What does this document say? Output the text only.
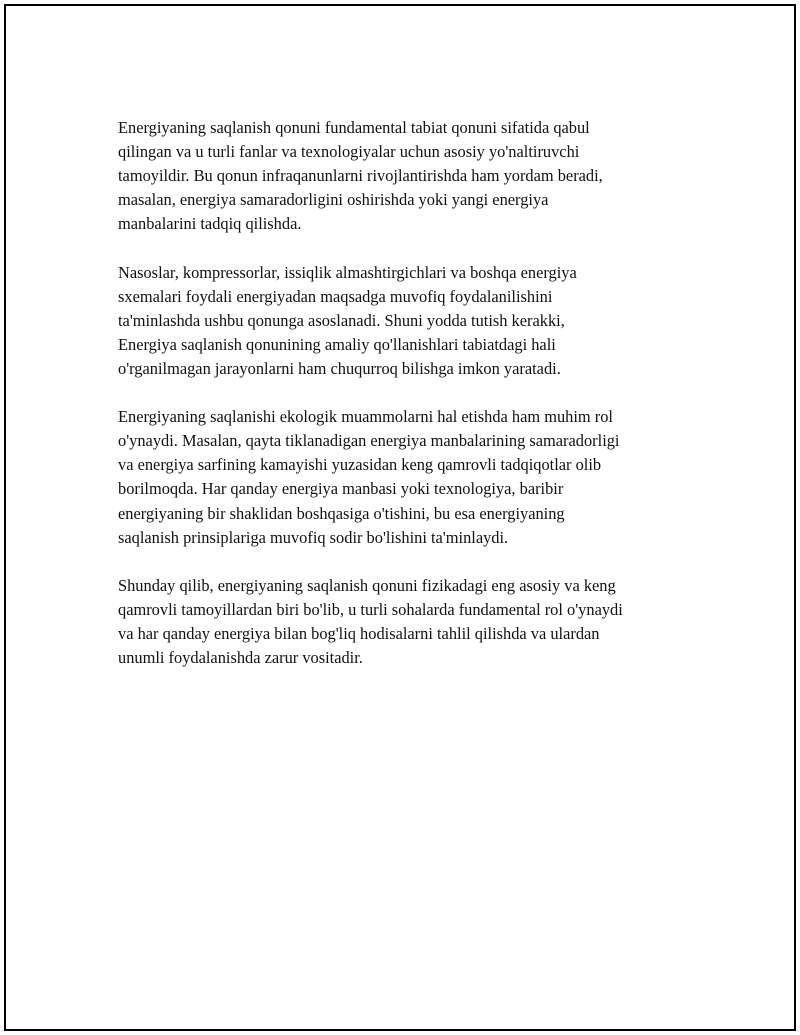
Energiyaning saqlanish qonuni fundamental tabiat qonuni sifatida qabul
qilingan va u turli fanlar va texnologiyalar uchun asosiy yo'naltiruvchi
tamoyildir. Bu qonun infraqanunlarni rivojlantirishda ham yordam beradi,
masalan, energiya samaradorligini oshirishda yoki yangi energiya
manbalarini tadqiq qilishda.

Nasoslar, kompressorlar, issiqlik almashtirgichlari va boshqa energiya
sxemalari foydali energiyadan maqsadga muvofiq foydalanilishini
ta'minlashda ushbu qonunga asoslanadi. Shuni yodda tutish kerakki,
Energiya saqlanish qonunining amaliy qo'llanishlari tabiatdagi hali
o'rganilmagan jarayonlarni ham chuqurroq bilishga imkon yaratadi.

Energiyaning saqlanishi ekologik muammolarni hal etishda ham muhim rol
o'ynaydi. Masalan, qayta tiklanadigan energiya manbalarining samaradorligi
va energiya sarfining kamayishi yuzasidan keng qamrovli tadqiqotlar olib
borilmoqda. Har qanday energiya manbasi yoki texnologiya, baribir
energiyaning bir shaklidan boshqasiga o'tishini, bu esa energiyaning
saqlanish prinsiplariga muvofiq sodir bo'lishini ta'minlaydi.

Shunday qilib, energiyaning saqlanish qonuni fizikadagi eng asosiy va keng
qamrovli tamoyillardan biri bo'lib, u turli sohalarda fundamental rol o'ynaydi
va har qanday energiya bilan bog'liq hodisalarni tahlil qilishda va ulardan
unumli foydalanishda zarur vositadir.
